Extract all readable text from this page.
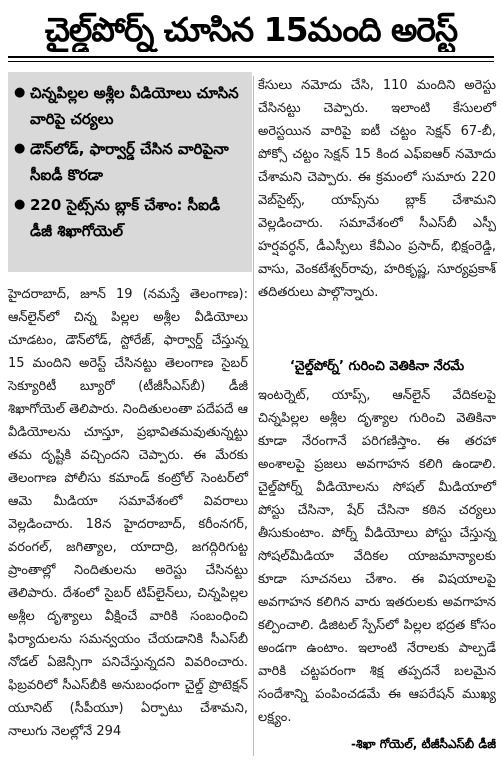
చైల్డ్‌పోర్న్ చూసిన 15మంది అరెస్ట్
● చిన్నపిల్లల అశ్లీల వీడియోలు చూసిన వారిపై చర్యలు
● డౌన్‌లోడ్, ఫార్వార్డ్ చేసిన వారిపైనా సీఐడీ కొరడా
● 220 సైట్స్‌ను బ్లాక్ చేశాం: సీఐడీ డీజీ శిఖాగోయెల్

హైదరాబాద్, జూన్ 19 (నమస్తే తెలంగాణ): ఆన్‌లైన్‌లో చిన్న పిల్లల అశ్లీల వీడియోలు చూడటం, డౌన్‌లోడ్, స్టోరేజ్, ఫార్వార్డ్ చేస్తున్న 15 మందిని అరెస్ట్ చేసినట్టు తెలంగాణ సైబర్ సెక్యూరిటీ బ్యూరో (టీజీసీఎస్‌బీ) డీజీ శిఖాగోయెల్ తెలిపారు. నిందితులంతా పదేపదే ఆ వీడియోలను చూస్తూ, ప్రభావితమవుతున్నట్టు తమ దృష్టికి వచ్చిందని చెప్పారు. ఈ మేరకు తెలంగాణ పోలీసు కమాండ్ కంట్రోల్ సెంటర్‌లో ఆమె మీడియా సమావేశంలో వివరాలు వెల్లడించారు. 18న హైదరాబాద్, కరీంనగర్, వరంగల్, జగిత్యాల, యాదాద్రి, జగద్గిరిగుట్ట ప్రాంతాల్లో నిందితులను అరెస్టు చేసినట్టు తెలిపారు. దేశంలో సైబర్ టిప్‌లైన్‌లు, చిన్నపిల్లల అశ్లీల దృశ్యాలు వీక్షించే వారికి సంబంధించి ఫిర్యాదులను సమన్వయం చేయడానికి సీఎస్‌బీ నోడల్ ఏజెన్సీగా పనిచేస్తున్నదని వివరించారు. ఫిబ్రవరిలో సీఎస్‌బీకి అనుబంధంగా చైల్డ్ ప్రొటెక్షన్ యూనిట్ (సీపీయూ) ఏర్పాటు చేశామని, నాలుగు నెలల్లోనే 294

కేసులు నమోదు చేసి, 110 మందిని అరెస్టు చేసినట్టు చెప్పారు. ఇలాంటి కేసులలో అరెస్టయిన వారిపై ఐటీ చట్టం సెక్షన్ 67-బీ, పోక్సో చట్టం సెక్షన్ 15 కింద ఎఫ్‌ఐఆర్ నమోదు చేశామని చెప్పారు. ఈ క్రమంలో సుమారు 220 వెబ్‌సైట్స్, యాప్స్‌ను బ్లాక్ చేశామని వెల్లడించారు. సమావేశంలో సీఎస్‌బీ ఎస్పీ హర్షవర్ధన్, డీఎస్పీలు కేవీఎం ప్రసాద్, భిక్షంరెడ్డి, వాసు, వెంకటేశ్వర్‌రావు, హరికృష్ణ, సూర్యప్రకాశ్ తదితరులు పాల్గొన్నారు.

‘చైల్డ్‌పోర్న్’ గురించి వెతికినా నేరమే

ఇంటర్నెట్, యాప్స్, ఆన్‌లైన్ వేదికలపై చిన్నపిల్లల అశ్లీల దృశ్యాల గురించి వెతికినా కూడా నేరంగానే పరిగణిస్తాం. ఈ తరహా అంశాలపై ప్రజలు అవగాహన కలిగి ఉండాలి. చైల్డ్‌పోర్న్ వీడియోలను సోషల్ మీడియాలో పోస్టు చేసినా, షేర్ చేసినా కఠిన చర్యలు తీసుకుంటాం. పోర్న్ వీడియోలు పోస్టు చేస్తున్న సోషల్‌మీడియా వేదికల యాజమాన్యాలకు కూడా సూచనలు చేశాం. ఈ విషయాలపై అవగాహన కలిగిన వారు ఇతరులకు అవగాహన కల్పించాలి. డిజిటల్ స్పేస్‌లో పిల్లల భద్రత కోసం అండగా ఉంటాం. ఇలాంటి నేరాలకు పాల్పడే వారికి చట్టపరంగా శిక్ష తప్పదనే బలమైన సందేశాన్ని పంపించడమే ఈ ఆపరేషన్ ముఖ్య లక్ష్యం.

-శిఖా గోయెల్, టీజీసీఎస్‌బీ డీజీ
